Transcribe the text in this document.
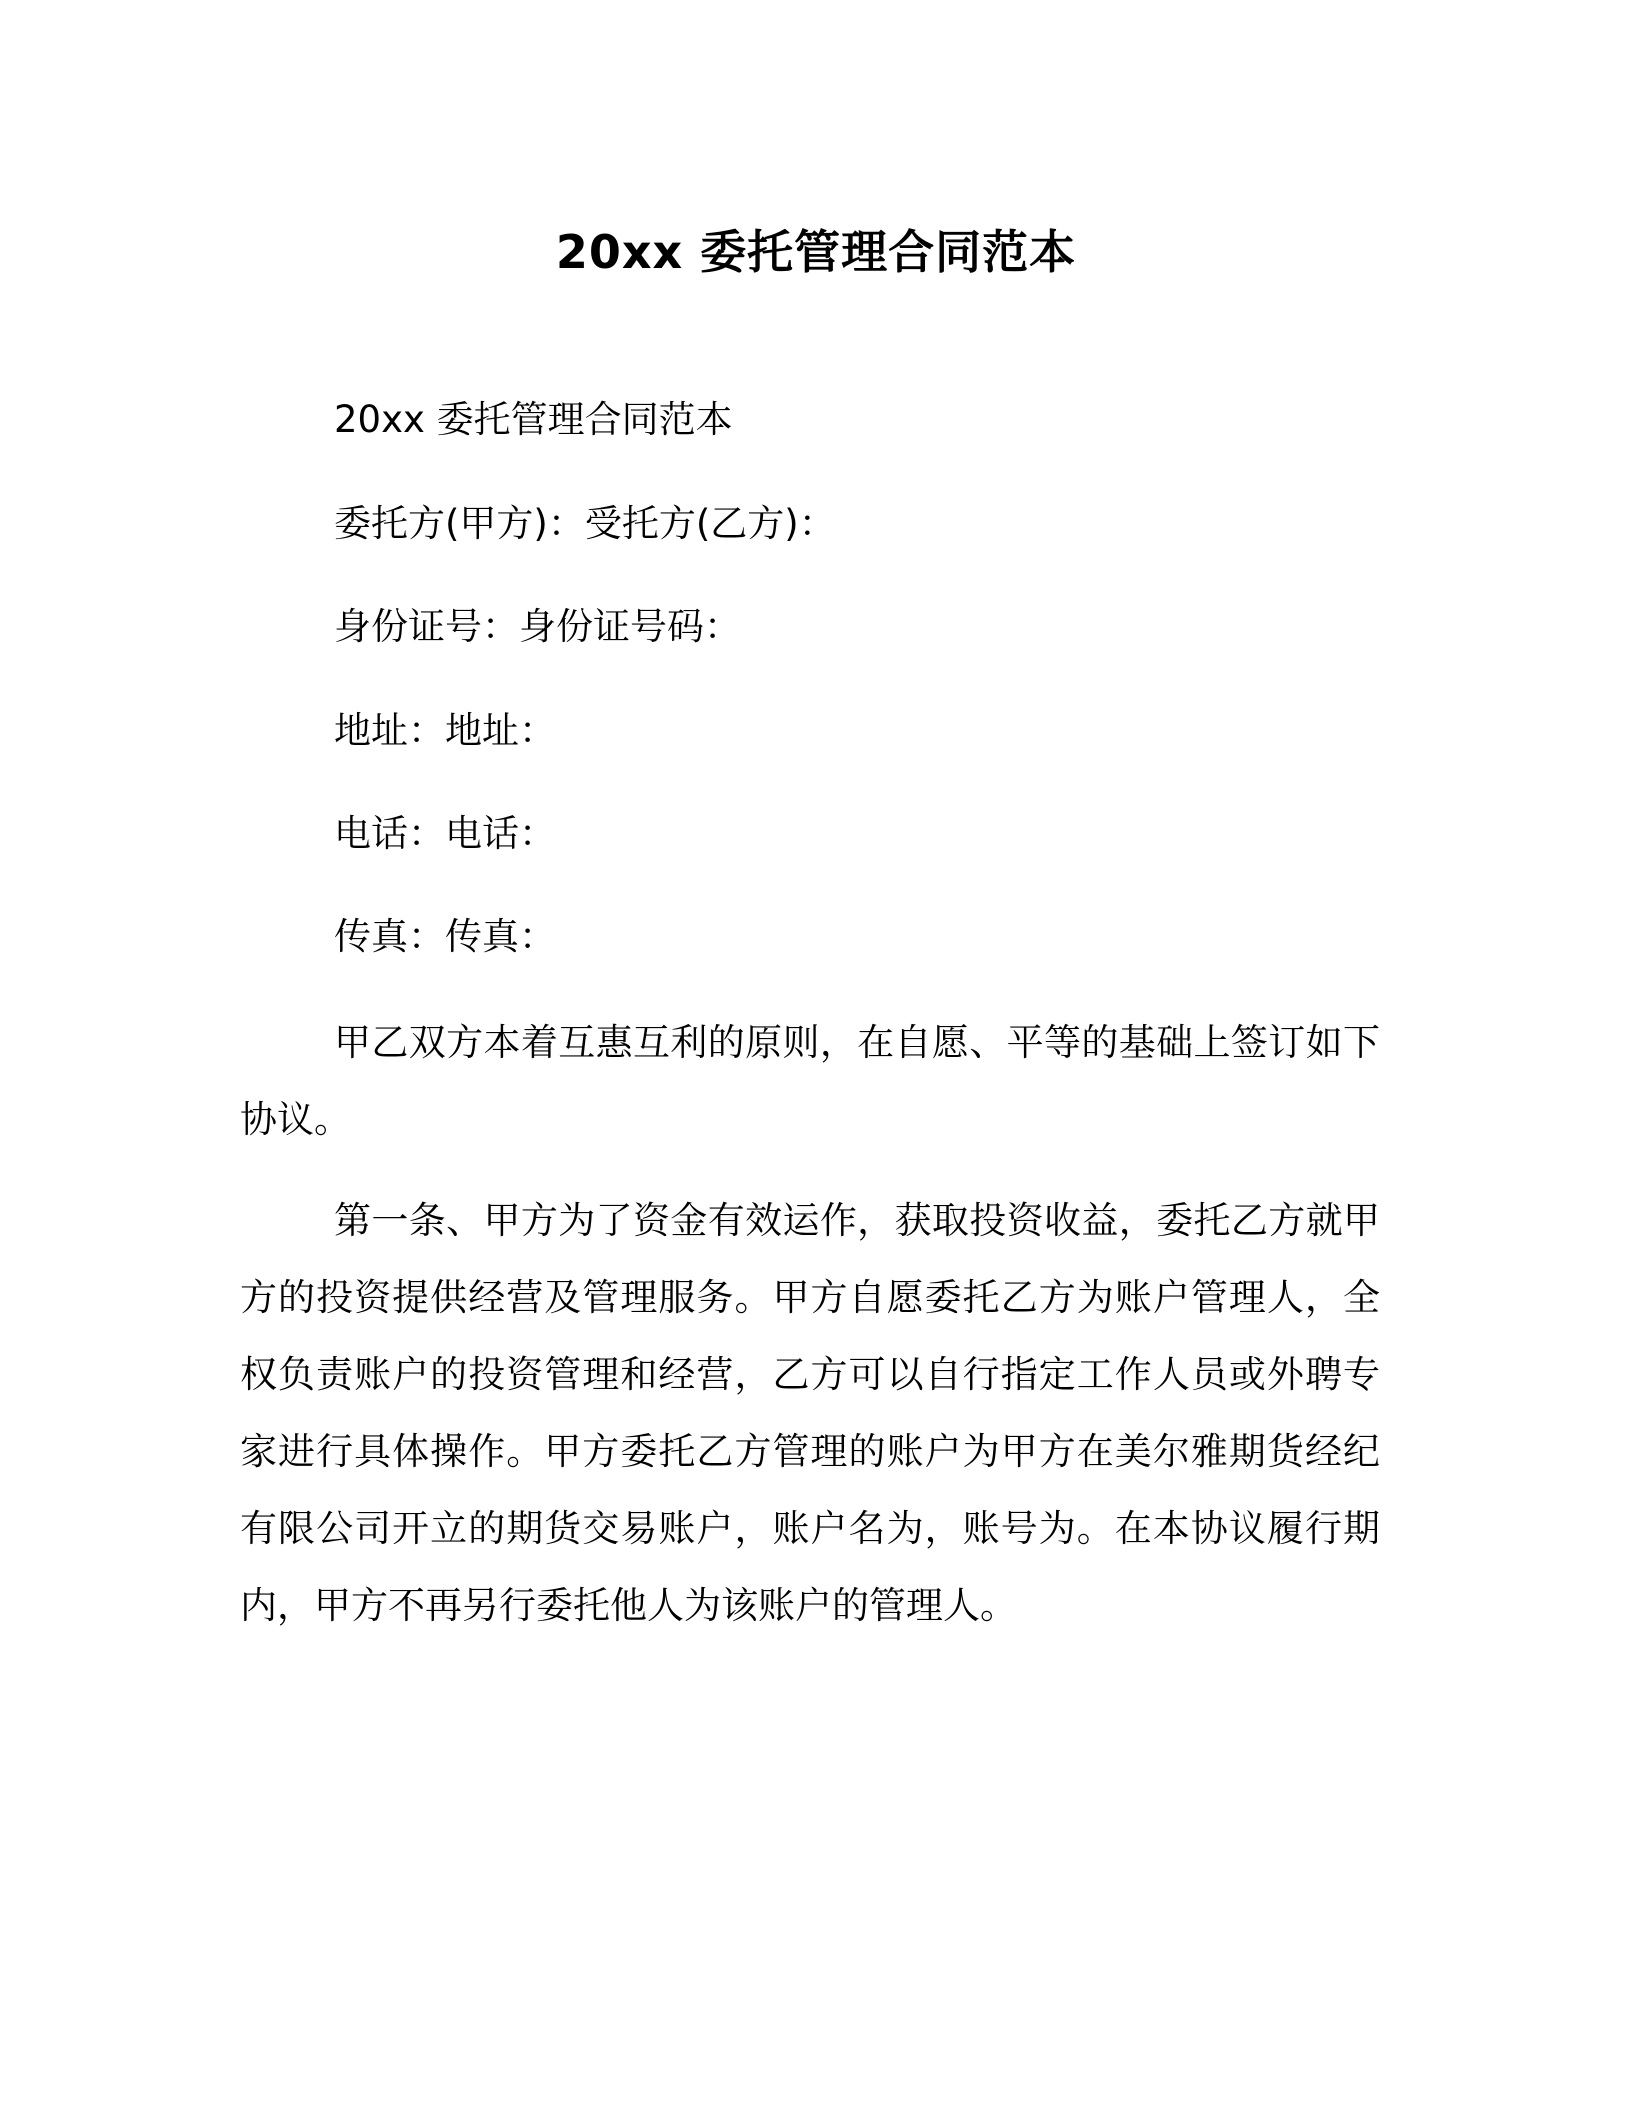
20xx 委托管理合同范本
20xx 委托管理合同范本
委托方(甲方)：受托方(乙方)：
身份证号：身份证号码：
地址：地址：
电话：电话：
传真：传真：

甲乙双方本着互惠互利的原则，在自愿、平等的基础上签订如下协议。

第一条、甲方为了资金有效运作，获取投资收益，委托乙方就甲方的投资提供经营及管理服务。甲方自愿委托乙方为账户管理人，全权负责账户的投资管理和经营，乙方可以自行指定工作人员或外聘专家进行具体操作。甲方委托乙方管理的账户为甲方在美尔雅期货经纪有限公司开立的期货交易账户，账户名为，账号为。在本协议履行期内，甲方不再另行委托他人为该账户的管理人。
